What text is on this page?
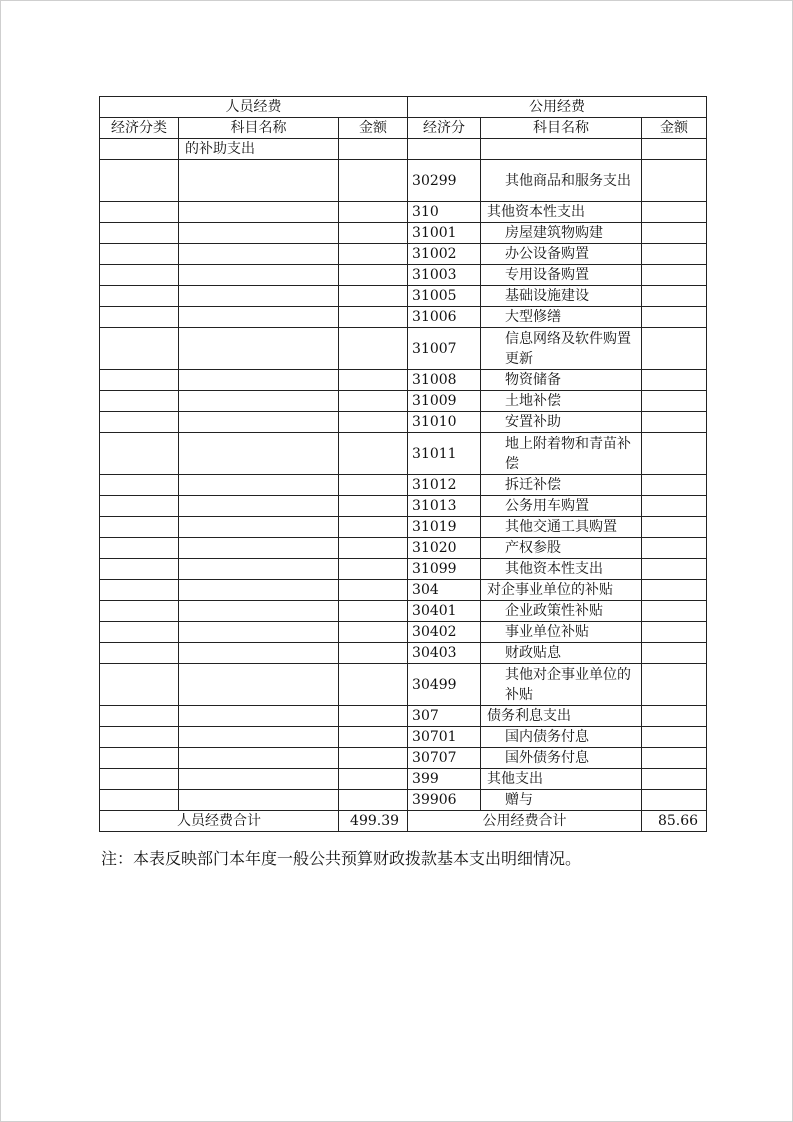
人员经费			公用经费		
经济分类	科目名称	金额	经济分	科目名称	金额
	的补助支出				
			30299	其他商品和服务支出	
			310	其他资本性支出	
			31001	房屋建筑物购建	
			31002	办公设备购置	
			31003	专用设备购置	
			31005	基础设施建设	
			31006	大型修缮	
			31007	信息网络及软件购置更新	
			31008	物资储备	
			31009	土地补偿	
			31010	安置补助	
			31011	地上附着物和青苗补偿	
			31012	拆迁补偿	
			31013	公务用车购置	
			31019	其他交通工具购置	
			31020	产权参股	
			31099	其他资本性支出	
			304	对企事业单位的补贴	
			30401	企业政策性补贴	
			30402	事业单位补贴	
			30403	财政贴息	
			30499	其他对企事业单位的补贴	
			307	债务利息支出	
			30701	国内债务付息	
			30707	国外债务付息	
			399	其他支出	
			39906	赠与	
人员经费合计		499.39	公用经费合计		85.66
注：本表反映部门本年度一般公共预算财政拨款基本支出明细情况。
